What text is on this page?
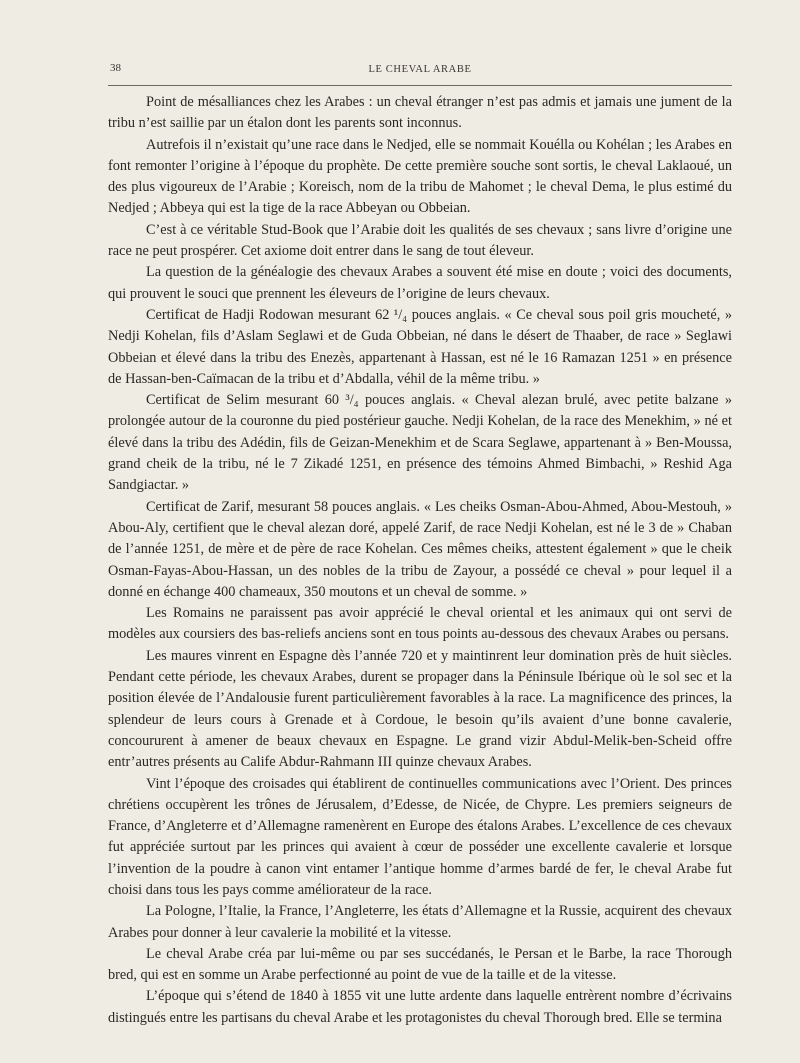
38	LE CHEVAL ARABE

Point de mésalliances chez les Arabes : un cheval étranger n’est pas admis et jamais une jument de la tribu n’est saillie par un étalon dont les parents sont inconnus.

Autrefois il n’existait qu’une race dans le Nedjed, elle se nommait Kouélla ou Kohélan ; les Arabes en font remonter l’origine à l’époque du prophète. De cette première souche sont sortis, le cheval Laklaoué, un des plus vigoureux de l’Arabie ; Koreisch, nom de la tribu de Mahomet ; le cheval Dema, le plus estimé du Nedjed ; Abbeya qui est la tige de la race Abbeyan ou Obbeian.

C’est à ce véritable Stud-Book que l’Arabie doit les qualités de ses chevaux ; sans livre d’origine une race ne peut prospérer. Cet axiome doit entrer dans le sang de tout éleveur.

La question de la généalogie des chevaux Arabes a souvent été mise en doute ; voici des documents, qui prouvent le souci que prennent les éleveurs de l’origine de leurs chevaux.

Certificat de Hadji Rodowan mesurant 62 ¹/₄ pouces anglais. « Ce cheval sous poil gris moucheté, » Nedji Kohelan, fils d’Aslam Seglawi et de Guda Obbeian, né dans le désert de Thaaber, de race » Seglawi Obbeian et élevé dans la tribu des Enezès, appartenant à Hassan, est né le 16 Ramazan 1251 » en présence de Hassan-ben-Caïmacan de la tribu et d’Abdalla, véhil de la même tribu. »

Certificat de Selim mesurant 60 ³/₄ pouces anglais. « Cheval alezan brulé, avec petite balzane » prolongée autour de la couronne du pied postérieur gauche. Nedji Kohelan, de la race des Menekhim, » né et élevé dans la tribu des Adédin, fils de Geizan-Menekhim et de Scara Seglawe, appartenant à » Ben-Moussa, grand cheik de la tribu, né le 7 Zikadé 1251, en présence des témoins Ahmed Bimbachi, » Reshid Aga Sandgiactar. »

Certificat de Zarif, mesurant 58 pouces anglais. « Les cheiks Osman-Abou-Ahmed, Abou-Mestouh, » Abou-Aly, certifient que le cheval alezan doré, appelé Zarif, de race Nedji Kohelan, est né le 3 de » Chaban de l’année 1251, de mère et de père de race Kohelan. Ces mêmes cheiks, attestent également » que le cheik Osman-Fayas-Abou-Hassan, un des nobles de la tribu de Zayour, a possédé ce cheval » pour lequel il a donné en échange 400 chameaux, 350 moutons et un cheval de somme. »

Les Romains ne paraissent pas avoir apprécié le cheval oriental et les animaux qui ont servi de modèles aux coursiers des bas-reliefs anciens sont en tous points au-dessous des chevaux Arabes ou persans.

Les maures vinrent en Espagne dès l’année 720 et y maintinrent leur domination près de huit siècles. Pendant cette période, les chevaux Arabes, durent se propager dans la Péninsule Ibérique où le sol sec et la position élevée de l’Andalousie furent particulièrement favorables à la race. La magnificence des princes, la splendeur de leurs cours à Grenade et à Cordoue, le besoin qu’ils avaient d’une bonne cavalerie, concoururent à amener de beaux chevaux en Espagne. Le grand vizir Abdul-Melik-ben-Scheid offre entr’autres présents au Calife Abdur-Rahmann III quinze chevaux Arabes.

Vint l’époque des croisades qui établirent de continuelles communications avec l’Orient. Des princes chrétiens occupèrent les trônes de Jérusalem, d’Edesse, de Nicée, de Chypre. Les premiers seigneurs de France, d’Angleterre et d’Allemagne ramenèrent en Europe des étalons Arabes. L’excellence de ces chevaux fut appréciée surtout par les princes qui avaient à cœur de posséder une excellente cavalerie et lorsque l’invention de la poudre à canon vint entamer l’antique homme d’armes bardé de fer, le cheval Arabe fut choisi dans tous les pays comme améliorateur de la race.

La Pologne, l’Italie, la France, l’Angleterre, les états d’Allemagne et la Russie, acquirent des chevaux Arabes pour donner à leur cavalerie la mobilité et la vitesse.

Le cheval Arabe créa par lui-même ou par ses succédanés, le Persan et le Barbe, la race Thorough bred, qui est en somme un Arabe perfectionné au point de vue de la taille et de la vitesse.

L’époque qui s’étend de 1840 à 1855 vit une lutte ardente dans laquelle entrèrent nombre d’écrivains distingués entre les partisans du cheval Arabe et les protagonistes du cheval Thorough bred. Elle se termina
